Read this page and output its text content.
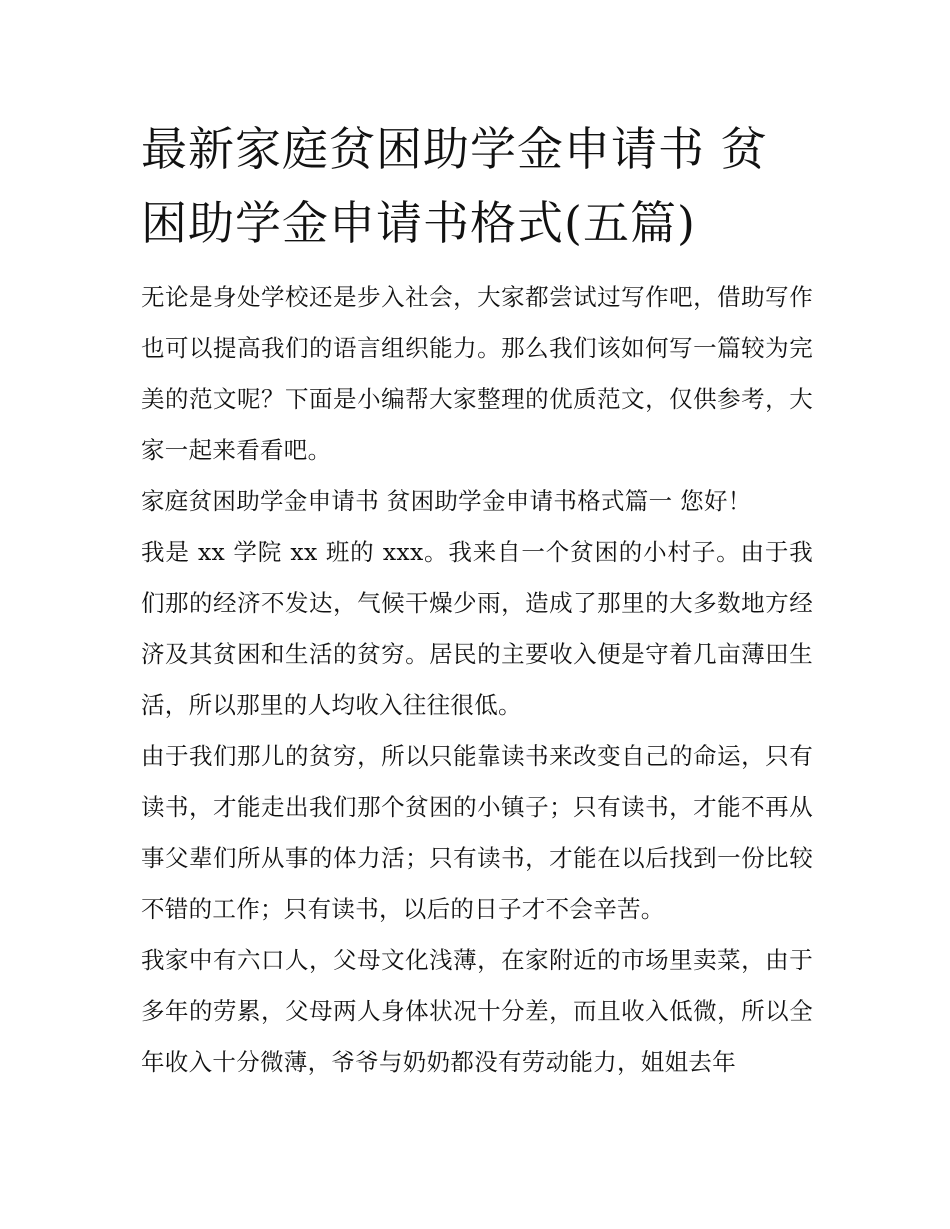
最新家庭贫困助学金申请书 贫困助学金申请书格式(五篇)

无论是身处学校还是步入社会，大家都尝试过写作吧，借助写作也可以提高我们的语言组织能力。那么我们该如何写一篇较为完美的范文呢？下面是小编帮大家整理的优质范文，仅供参考，大家一起来看看吧。

家庭贫困助学金申请书 贫困助学金申请书格式篇一 您好！

我是 xx 学院 xx 班的 xxx。我来自一个贫困的小村子。由于我们那的经济不发达，气候干燥少雨，造成了那里的大多数地方经济及其贫困和生活的贫穷。居民的主要收入便是守着几亩薄田生活，所以那里的人均收入往往很低。

由于我们那儿的贫穷，所以只能靠读书来改变自己的命运，只有读书，才能走出我们那个贫困的小镇子；只有读书，才能不再从事父辈们所从事的体力活；只有读书，才能在以后找到一份比较不错的工作；只有读书，以后的日子才不会辛苦。

我家中有六口人，父母文化浅薄，在家附近的市场里卖菜，由于多年的劳累，父母两人身体状况十分差，而且收入低微，所以全年收入十分微薄，爷爷与奶奶都没有劳动能力，姐姐去年
